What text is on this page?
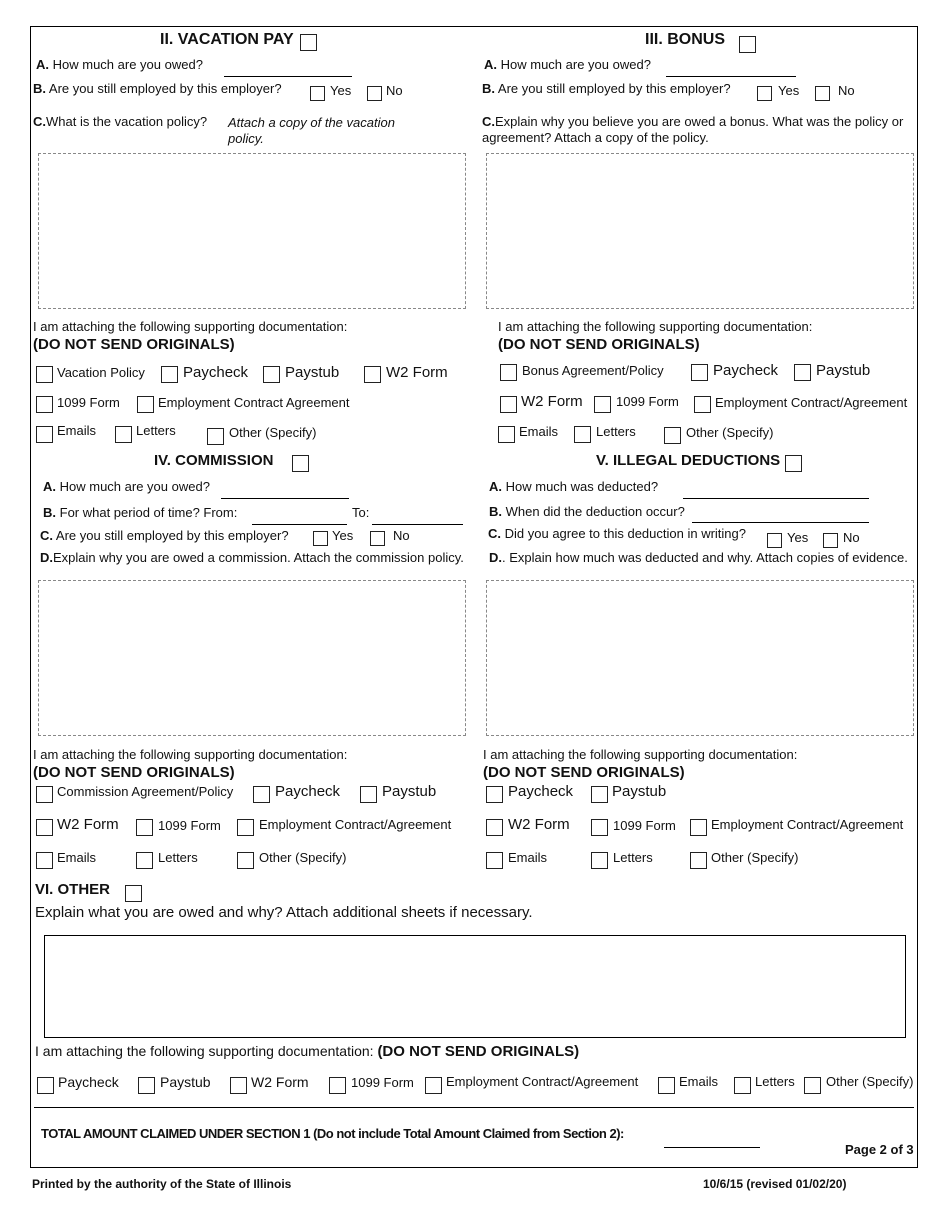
II. VACATION PAY
A. How much are you owed?
B. Are you still employed by this employer?	Yes	No
C.What is the vacation policy? Attach a copy of the vacation
policy.
I am attaching the following supporting documentation:
(DO NOT SEND ORIGINALS)
Vacation Policy	Paycheck Paystub	W2 Form
1099 Form	Employment Contract Agreement
Emails	Letters	Other (Specify)
III. BONUS
A. How much are you owed?
B. Are you still employed by this employer?	Yes	No
C.Explain why you believe you are owed a bonus. What was the policy or
agreement? Attach a copy of the policy.
I am attaching the following supporting documentation:
(DO NOT SEND ORIGINALS)
Bonus Agreement/Policy	Paycheck	Paystub
W2 Form	1099 Form	Employment Contract/Agreement
Emails	Letters	Other (Specify)
IV. COMMISSION
A. How much are you owed?
B. For what period of time? From:	To:
C. Are you still employed by this employer?	Yes	No
D.Explain why you are owed a commission. Attach the commission policy.
I am attaching the following supporting documentation:
(DO NOT SEND ORIGINALS)
Commission Agreement/Policy	Paycheck	Paystub
W2 Form	1099 Form	Employment Contract/Agreement
Emails	Letters	Other (Specify)
V. ILLEGAL DEDUCTIONS
A. How much was deducted?
B. When did the deduction occur?
C. Did you agree to this deduction in writing?	Yes	No
D.. Explain how much was deducted and why. Attach copies of evidence.
I am attaching the following supporting documentation:
(DO NOT SEND ORIGINALS)
Paycheck	Paystub
W2 Form	1099 Form	Employment Contract/Agreement
Emails	Letters	Other (Specify)
VI. OTHER
Explain what you are owed and why? Attach additional sheets if necessary.
I am attaching the following supporting documentation: (DO NOT SEND ORIGINALS)
Paycheck	Paystub	W2 Form	1099 Form Employment Contract/Agreement	Emails	Letters Other (Specify)
TOTAL AMOUNT CLAIMED UNDER SECTION 1 (Do not include Total Amount Claimed from Section 2):
Page 2 of 3
Printed by the authority of the State of Illinois	10/6/15 (revised 01/02/20)
